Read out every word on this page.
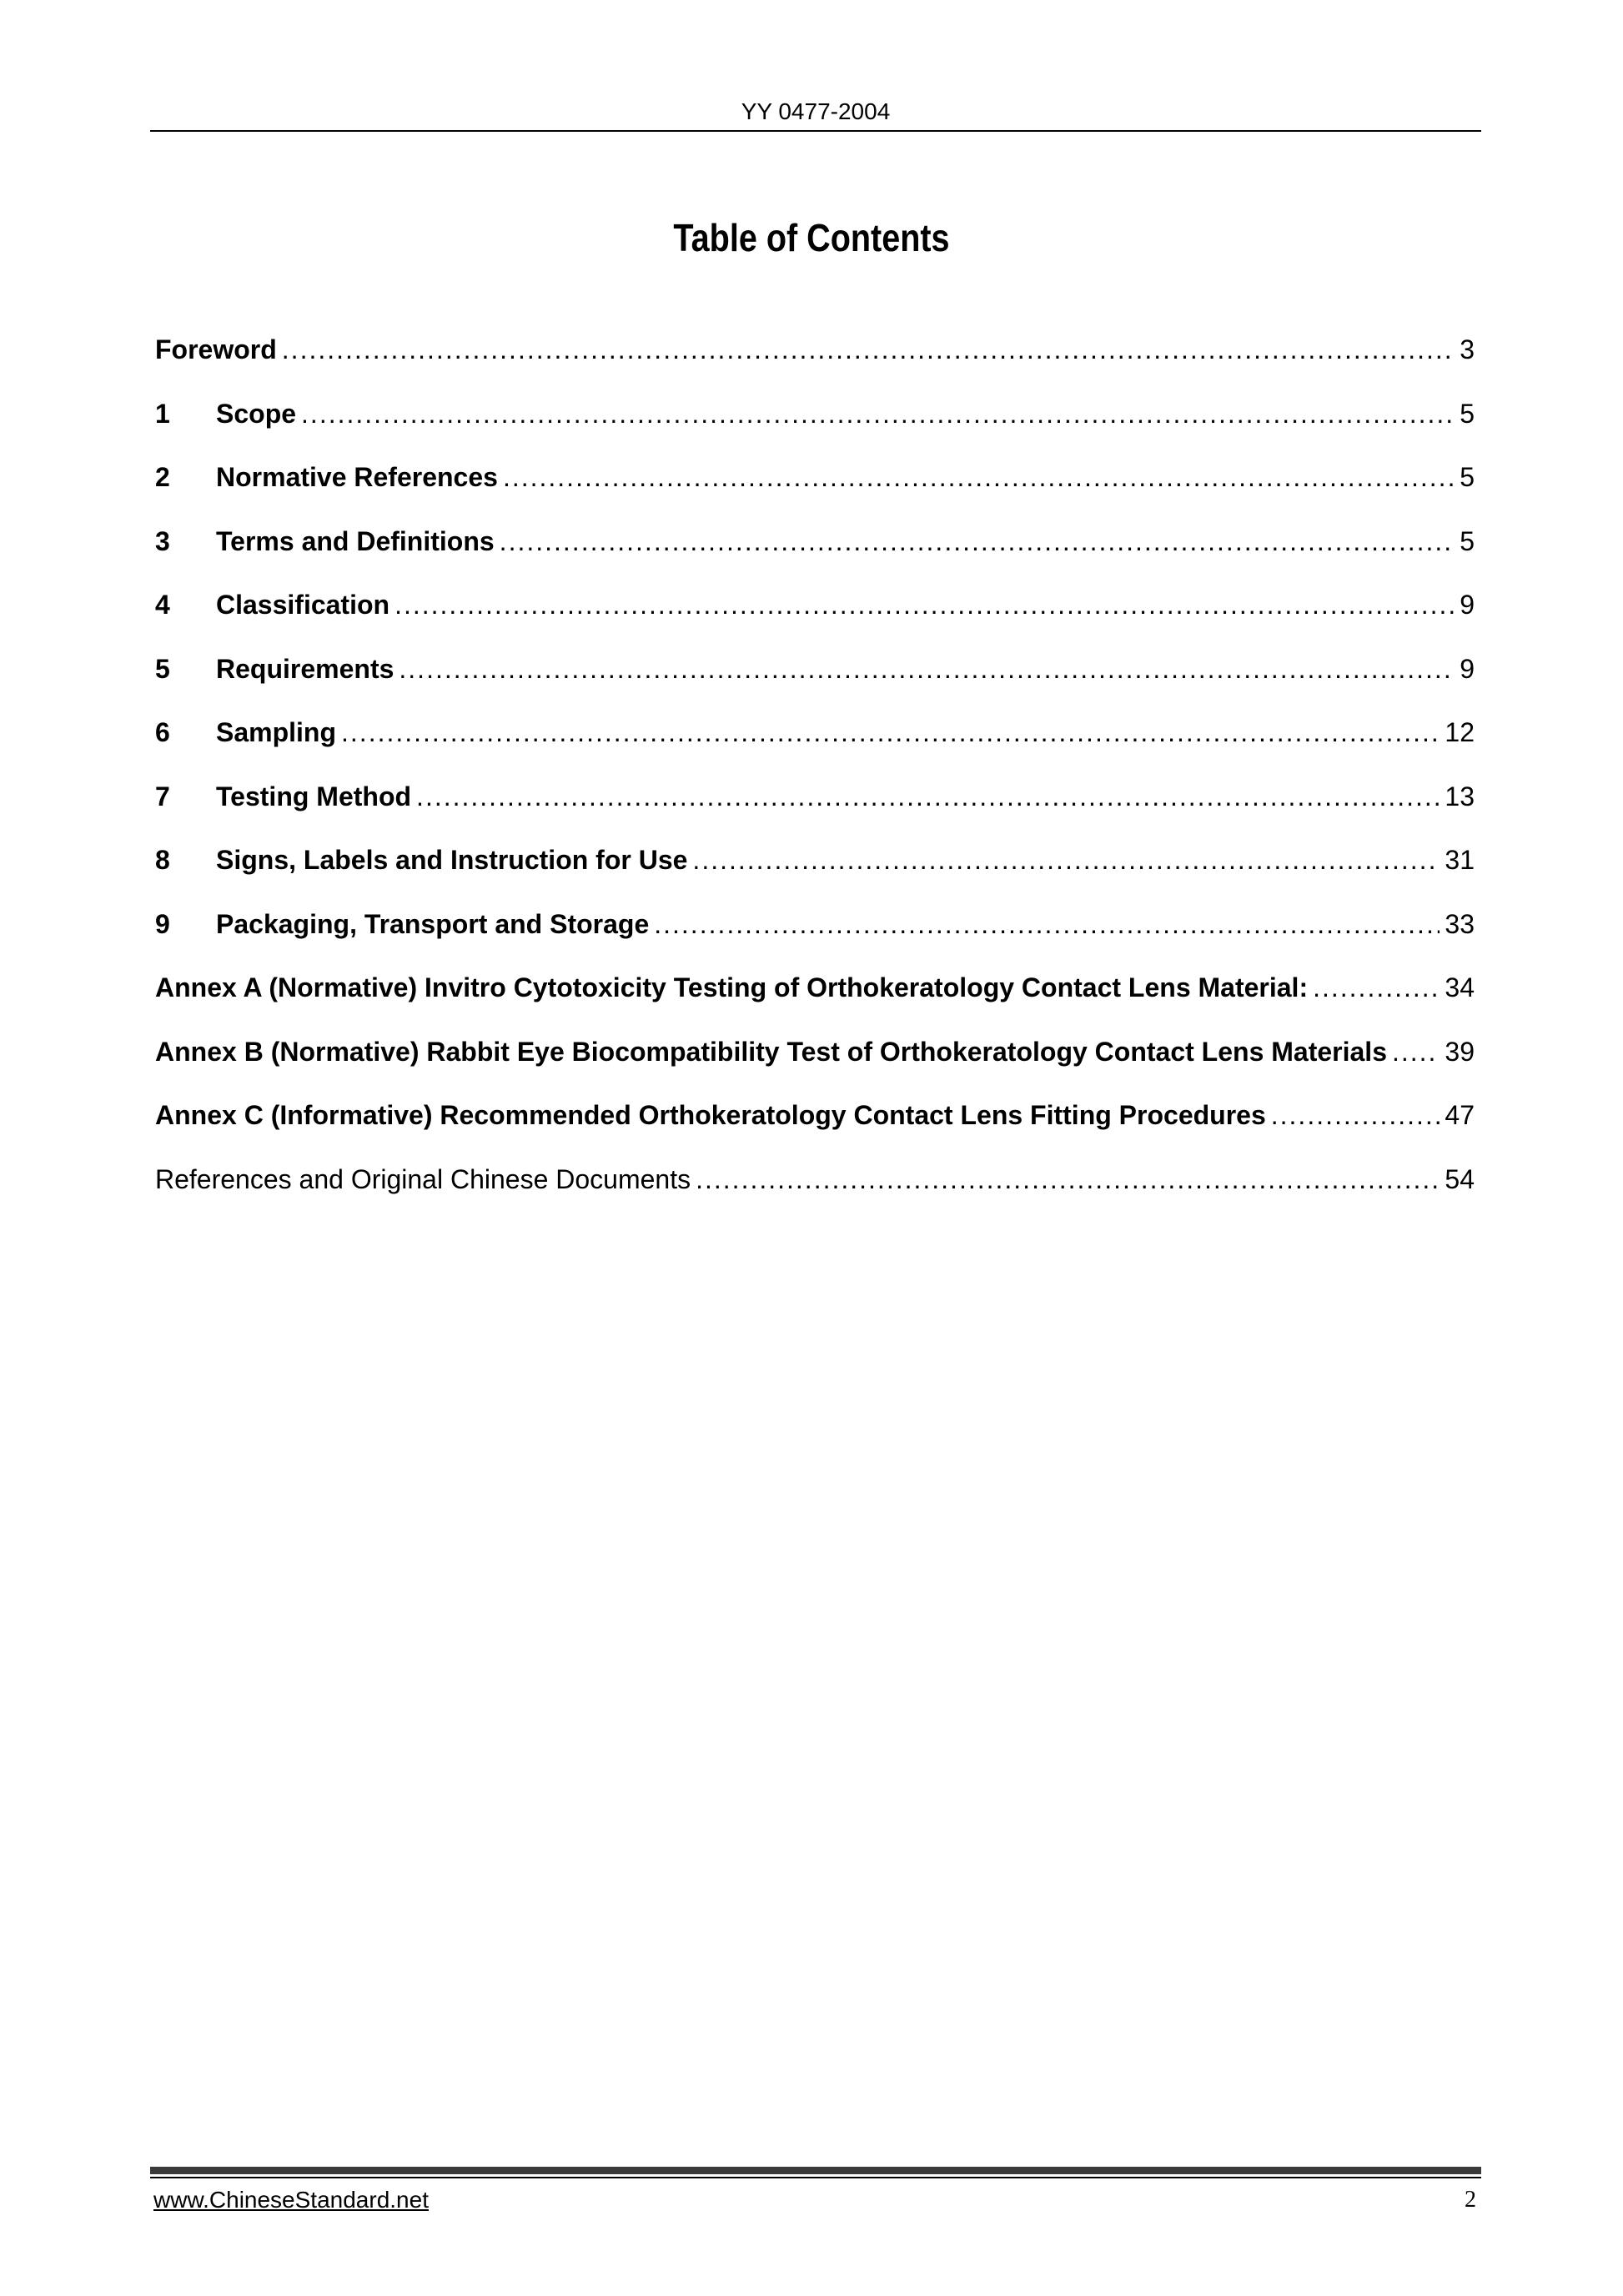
YY 0477-2004
Table of Contents
Foreword .....	3
1	Scope .....	5
2	Normative References .....	5
3	Terms and Definitions .....	5
4	Classification .....	9
5	Requirements .....	9
6	Sampling .....	12
7	Testing Method .....	13
8	Signs, Labels and Instruction for Use .....	31
9	Packaging, Transport and Storage .....	33
Annex A (Normative) Invitro Cytotoxicity Testing of Orthokeratology Contact Lens Material: .....	34
Annex B (Normative) Rabbit Eye Biocompatibility Test of Orthokeratology Contact Lens Materials ..... 39
Annex C (Informative) Recommended Orthokeratology Contact Lens Fitting Procedures .....	47
References and Original Chinese Documents .....	54
www.ChineseStandard.net	2
